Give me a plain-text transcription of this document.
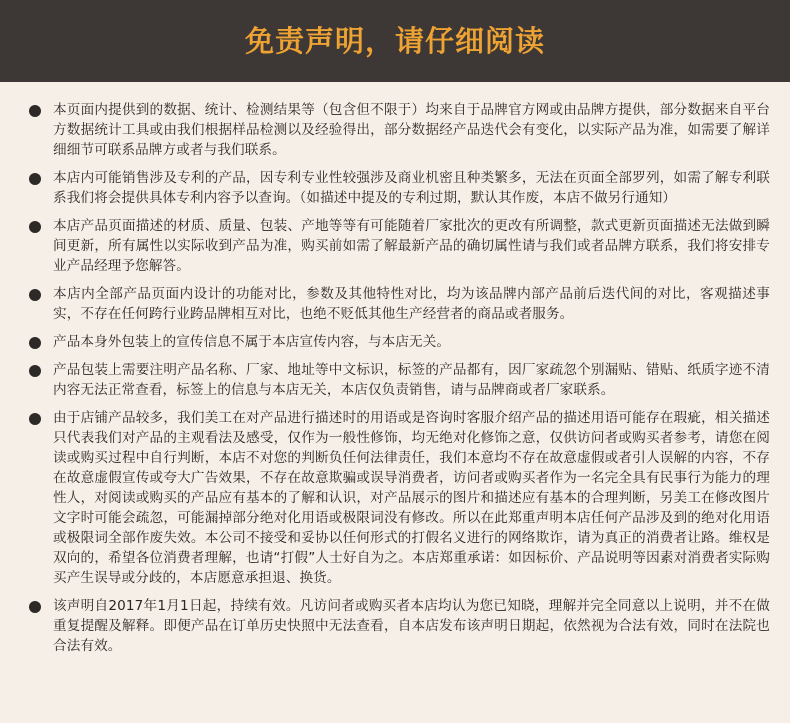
免责声明，请仔细阅读
本页面内提供到的数据、统计、检测结果等（包含但不限于）均来自于品牌官方网或由品牌方提供，部分数据来自平台方数据统计工具或由我们根据样品检测以及经验得出，部分数据经产品迭代会有变化，以实际产品为准，如需要了解详细细节可联系品牌方或者与我们联系。
本店内可能销售涉及专利的产品，因专利专业性较强涉及商业机密且种类繁多，无法在页面全部罗列，如需了解专利联系我们将会提供具体专利内容予以查询。（如描述中提及的专利过期，默认其作废，本店不做另行通知）
本店产品页面描述的材质、质量、包装、产地等等有可能随着厂家批次的更改有所调整，款式更新页面描述无法做到瞬间更新，所有属性以实际收到产品为准，购买前如需了解最新产品的确切属性请与我们或者品牌方联系，我们将安排专业产品经理予您解答。
本店内全部产品页面内设计的功能对比，参数及其他特性对比，均为该品牌内部产品前后迭代间的对比，客观描述事实，不存在任何跨行业跨品牌相互对比，也绝不贬低其他生产经营者的商品或者服务。
产品本身外包装上的宣传信息不属于本店宣传内容，与本店无关。
产品包装上需要注明产品名称、厂家、地址等中文标识，标签的产品都有，因厂家疏忽个别漏贴、错贴、纸质字迹不清内容无法正常查看，标签上的信息与本店无关，本店仅负责销售，请与品牌商或者厂家联系。
由于店铺产品较多，我们美工在对产品进行描述时的用语或是咨询时客服介绍产品的描述用语可能存在瑕疵，相关描述只代表我们对产品的主观看法及感受，仅作为一般性修饰，均无绝对化修饰之意，仅供访问者或购买者参考，请您在阅读或购买过程中自行判断，本店不对您的判断负任何法律责任，我们本意均不存在故意虚假或者引人误解的内容，不存在故意虚假宣传或夸大广告效果，不存在故意欺骗或误导消费者，访问者或购买者作为一名完全具有民事行为能力的理性人，对阅读或购买的产品应有基本的了解和认识，对产品展示的图片和描述应有基本的合理判断，另美工在修改图片文字时可能会疏忽，可能漏掉部分绝对化用语或极限词没有修改。所以在此郑重声明本店任何产品涉及到的绝对化用语或极限词全部作废失效。本公司不接受和妥协以任何形式的打假名义进行的网络欺诈，请为真正的消费者让路。维权是双向的，希望各位消费者理解，也请“打假”人士好自为之。本店郑重承诺：如因标价、产品说明等因素对消费者实际购买产生误导或分歧的，本店愿意承担退、换货。
该声明自2017年1月1日起，持续有效。凡访问者或购买者本店均认为您已知晓，理解并完全同意以上说明，并不在做重复提醒及解释。即便产品在订单历史快照中无法查看，自本店发布该声明日期起，依然视为合法有效，同时在法院也合法有效。
